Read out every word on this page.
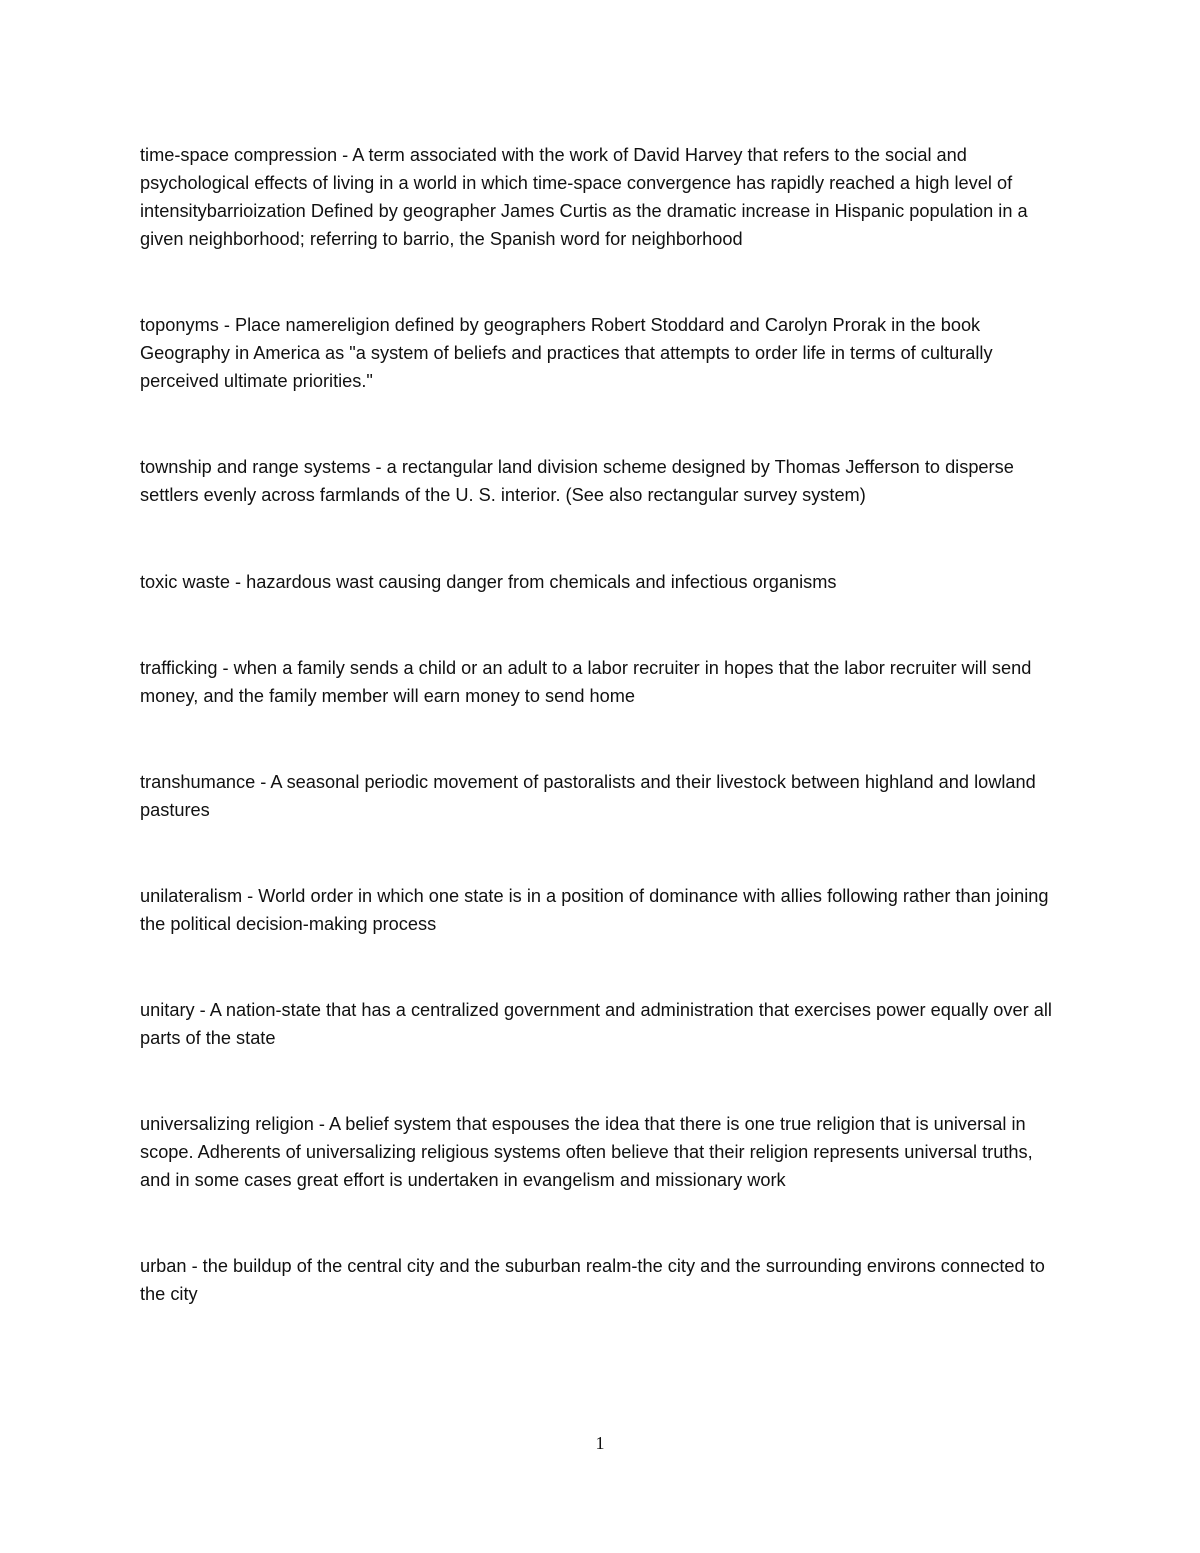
time-space compression - A term associated with the work of David Harvey that refers to the social and psychological effects of living in a world in which time-space convergence has rapidly reached a high level of intensitybarrioization Defined by geographer James Curtis as the dramatic increase in Hispanic population in a given neighborhood; referring to barrio, the Spanish word for neighborhood

toponyms - Place namereligion defined by geographers Robert Stoddard and Carolyn Prorak in the book Geography in America as "a system of beliefs and practices that attempts to order life in terms of culturally perceived ultimate priorities."

township and range systems - a rectangular land division scheme designed by Thomas Jefferson to disperse settlers evenly across farmlands of the U. S. interior. (See also rectangular survey system)

toxic waste - hazardous wast causing danger from chemicals and infectious organisms

trafficking - when a family sends a child or an adult to a labor recruiter in hopes that the labor recruiter will send money, and the family member will earn money to send home

transhumance - A seasonal periodic movement of pastoralists and their livestock between highland and lowland pastures

unilateralism - World order in which one state is in a position of dominance with allies following rather than joining the political decision-making process

unitary - A nation-state that has a centralized government and administration that exercises power equally over all parts of the state

universalizing religion - A belief system that espouses the idea that there is one true religion that is universal in scope. Adherents of universalizing religious systems often believe that their religion represents universal truths, and in some cases great effort is undertaken in evangelism and missionary work

urban - the buildup of the central city and the suburban realm-the city and the surrounding environs connected to the city

1
